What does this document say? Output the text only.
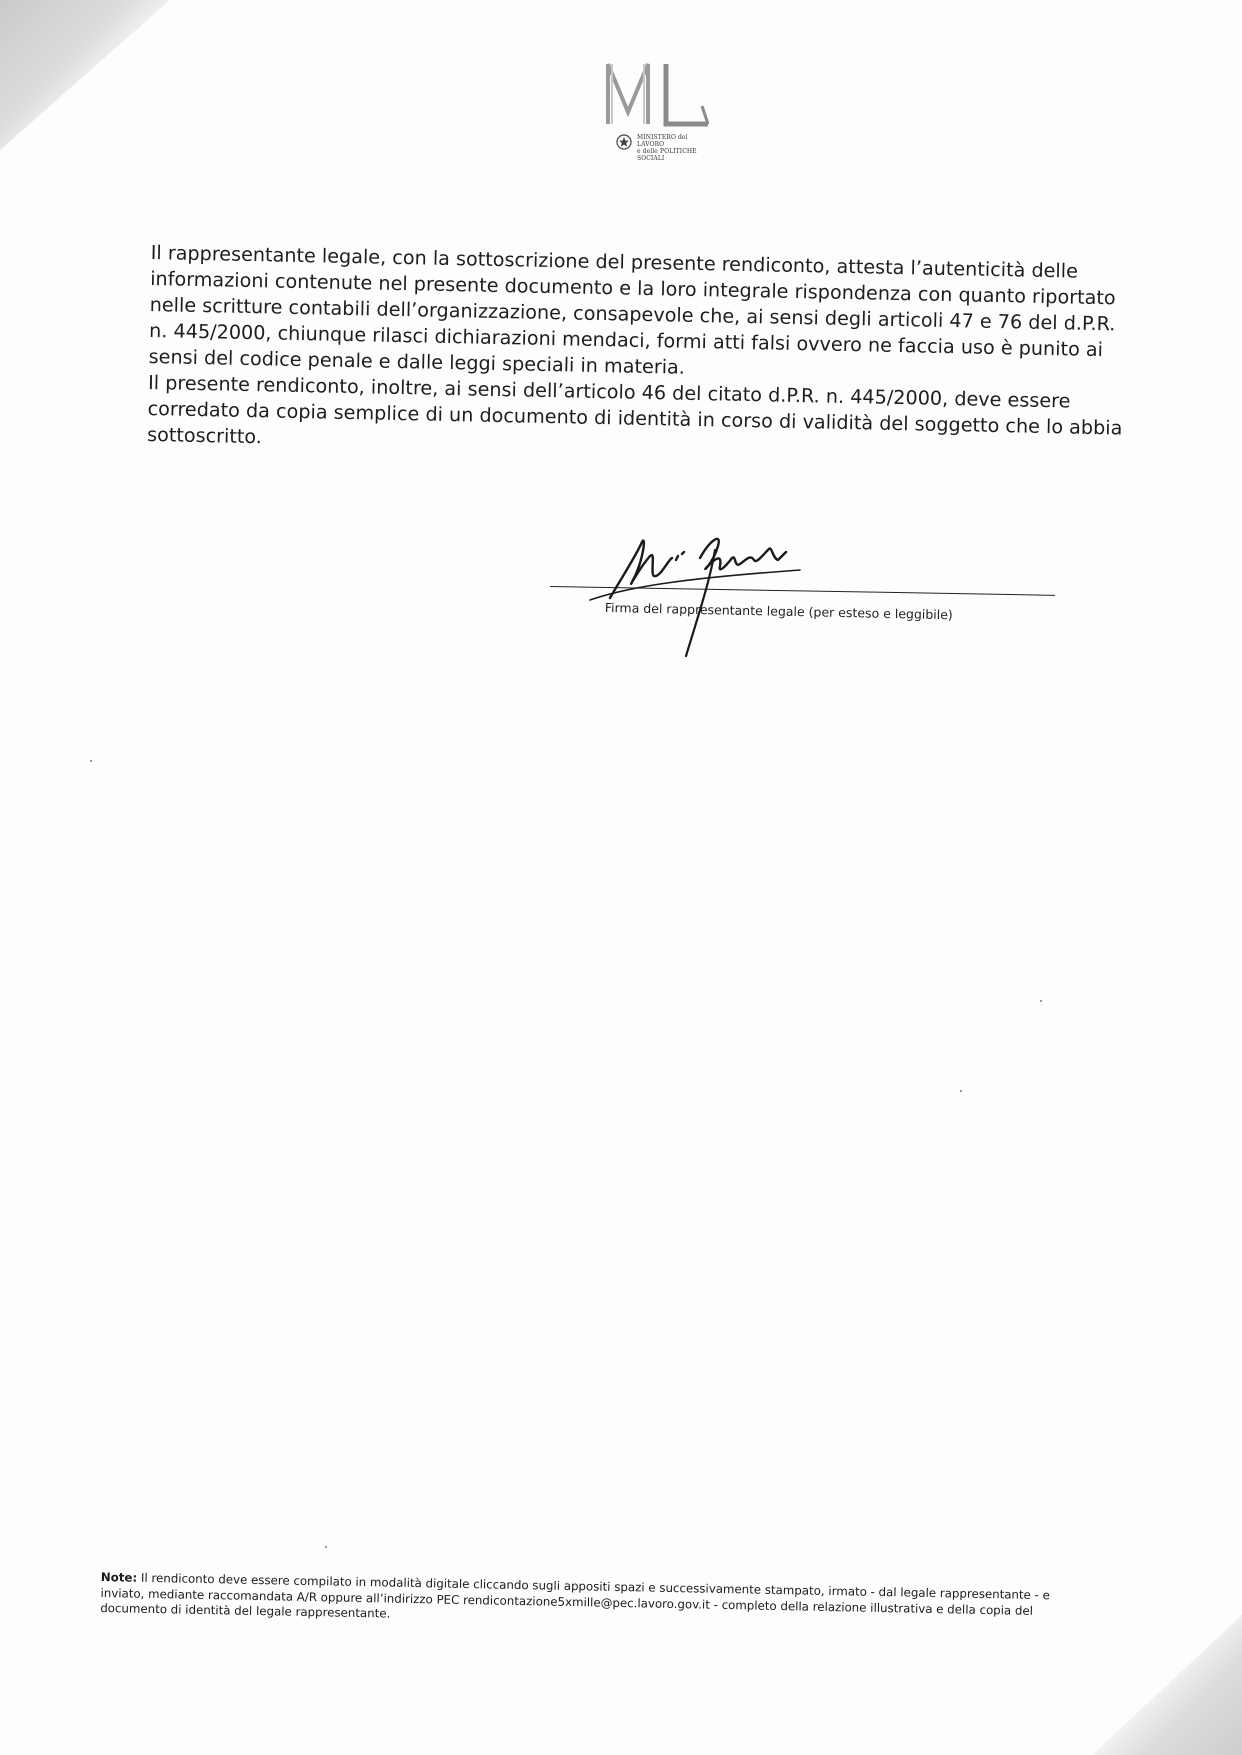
MINISTERO del LAVORO
e delle POLITICHE SOCIALI

Il rappresentante legale, con la sottoscrizione del presente rendiconto, attesta l’autenticità delle informazioni contenute nel presente documento e la loro integrale rispondenza con quanto riportato nelle scritture contabili dell’organizzazione, consapevole che, ai sensi degli articoli 47 e 76 del d.P.R. n. 445/2000, chiunque rilasci dichiarazioni mendaci, formi atti falsi ovvero ne faccia uso è punito ai sensi del codice penale e dalle leggi speciali in materia.

Il presente rendiconto, inoltre, ai sensi dell’articolo 46 del citato d.P.R. n. 445/2000, deve essere corredato da copia semplice di un documento di identità in corso di validità del soggetto che lo abbia sottoscritto.

Firma del rappresentante legale (per esteso e leggibile)
Note: Il rendiconto deve essere compilato in modalità digitale cliccando sugli appositi spazi e successivamente stampato, irmato - dal legale rappresentante - e inviato, mediante raccomandata A/R oppure all’indirizzo PEC rendicontazione5xmille@pec.lavoro.gov.it - completo della relazione illustrativa e della copia del documento di identità del legale rappresentante.
